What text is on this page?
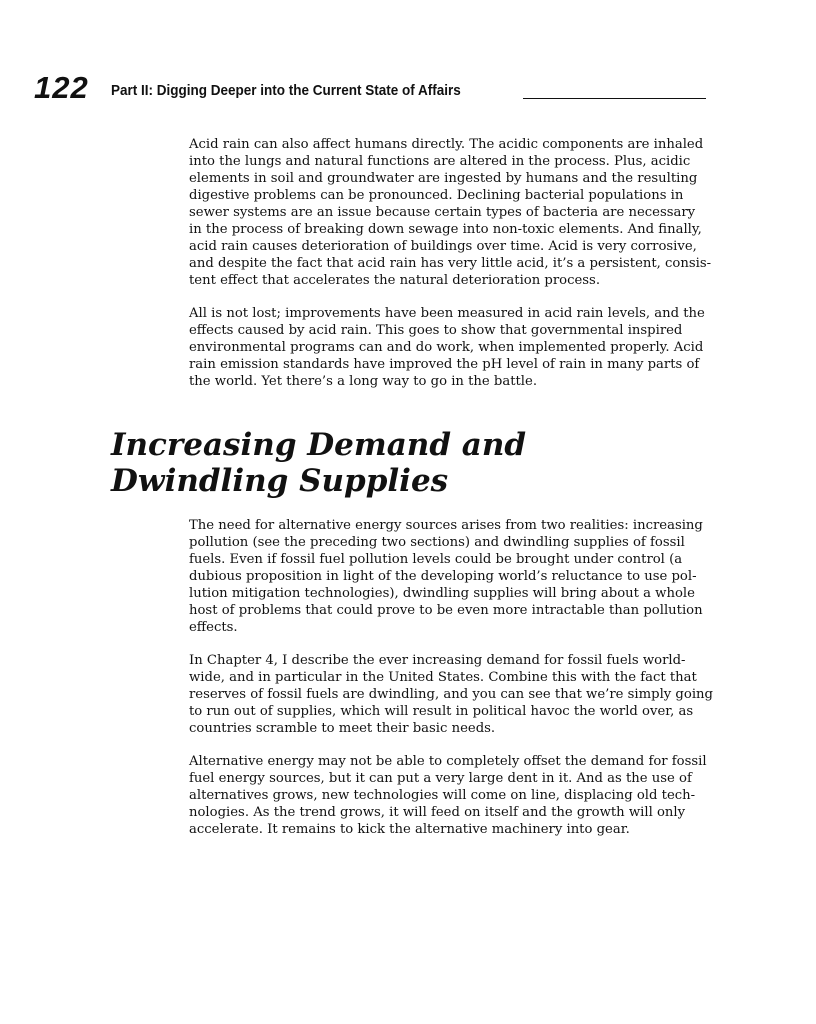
122 Part II: Digging Deeper into the Current State of Affairs

Acid rain can also affect humans directly. The acidic components are inhaled
into the lungs and natural functions are altered in the process. Plus, acidic
elements in soil and groundwater are ingested by humans and the resulting
digestive problems can be pronounced. Declining bacterial populations in
sewer systems are an issue because certain types of bacteria are necessary
in the process of breaking down sewage into non-toxic elements. And finally,
acid rain causes deterioration of buildings over time. Acid is very corrosive,
and despite the fact that acid rain has very little acid, it’s a persistent, consis-
tent effect that accelerates the natural deterioration process.

All is not lost; improvements have been measured in acid rain levels, and the
effects caused by acid rain. This goes to show that governmental inspired
environmental programs can and do work, when implemented properly. Acid
rain emission standards have improved the pH level of rain in many parts of
the world. Yet there’s a long way to go in the battle.

Increasing Demand and
Dwindling Supplies

The need for alternative energy sources arises from two realities: increasing
pollution (see the preceding two sections) and dwindling supplies of fossil
fuels. Even if fossil fuel pollution levels could be brought under control (a
dubious proposition in light of the developing world’s reluctance to use pol-
lution mitigation technologies), dwindling supplies will bring about a whole
host of problems that could prove to be even more intractable than pollution
effects.

In Chapter 4, I describe the ever increasing demand for fossil fuels world-
wide, and in particular in the United States. Combine this with the fact that
reserves of fossil fuels are dwindling, and you can see that we’re simply going
to run out of supplies, which will result in political havoc the world over, as
countries scramble to meet their basic needs.

Alternative energy may not be able to completely offset the demand for fossil
fuel energy sources, but it can put a very large dent in it. And as the use of
alternatives grows, new technologies will come on line, displacing old tech-
nologies. As the trend grows, it will feed on itself and the growth will only
accelerate. It remains to kick the alternative machinery into gear.
